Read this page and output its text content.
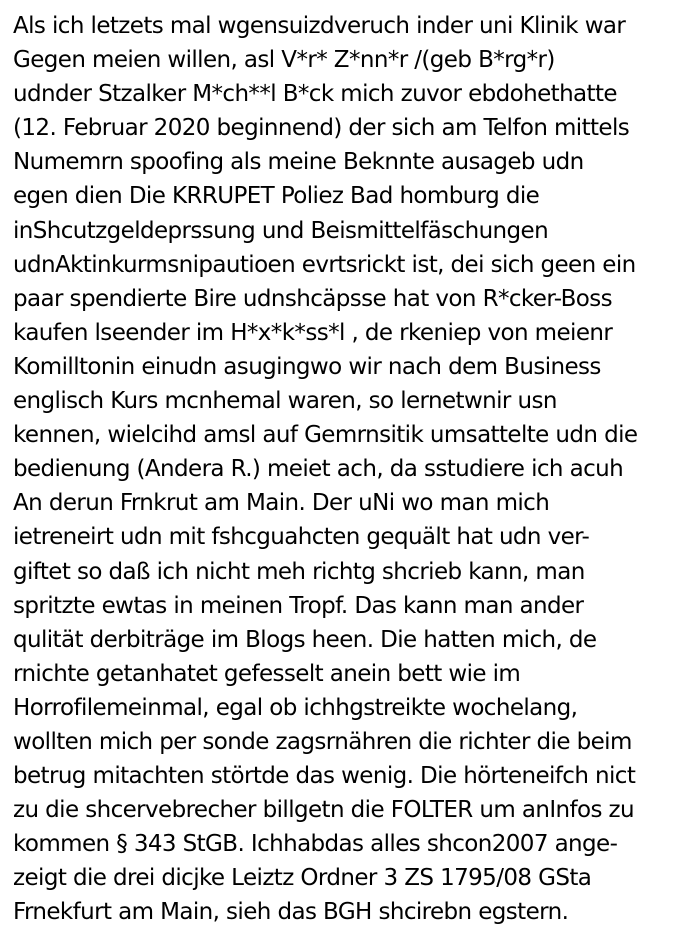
Als ich letzets mal wgensuizdveruch inder uni Klinik war
Gegen meien willen, asl V*r* Z*nn*r /(geb B*rg*r)
udnder Stzalker M*ch**l B*ck mich zuvor ebdohethatte
(12. Februar 2020 beginnend) der sich am Telfon mittels
Numemrn spoofing als meine Beknnte ausageb udn
egen dien Die KRRUPET Poliez Bad homburg die
inShcutzgeldeprssung und Beismittelfäschungen
udnAktinkurmsnipautioen evrtsrickt ist, dei sich geen ein
paar spendierte Bire udnshcäpsse hat von R*cker-Boss
kaufen lseender im H*x*k*ss*l , de rkeniep von meienr
Komilltonin einudn asugingwo wir nach dem Business
englisch Kurs mcnhemal waren, so lernetwnir usn
kennen, wielcihd amsl auf Gemrnsitik umsattelte udn die
bedienung (Andera R.) meiet ach, da sstudiere ich acuh
An derun Frnkrut am Main. Der uNi wo man mich
ietreneirt udn mit fshcguahcten gequält hat udn ver-
giftet so daß ich nicht meh richtg shcrieb kann, man
spritzte ewtas in meinen Tropf. Das kann man ander
qulität derbiträge im Blogs heen. Die hatten mich, de
rnichte getanhatet gefesselt anein bett wie im
Horrofilemeinmal, egal ob ichhgstreikte wochelang,
wollten mich per sonde zagsrnähren die richter die beim
betrug mitachten störtde das wenig. Die hörteneifch nict
zu die shcervebrecher billgetn die FOLTER um anInfos zu
kommen § 343 StGB. Ichhabdas alles shcon2007 ange-
zeigt die drei dicjke Leiztz Ordner 3 ZS 1795/08 GSta
Frnekfurt am Main, sieh das BGH shcirebn egstern.
